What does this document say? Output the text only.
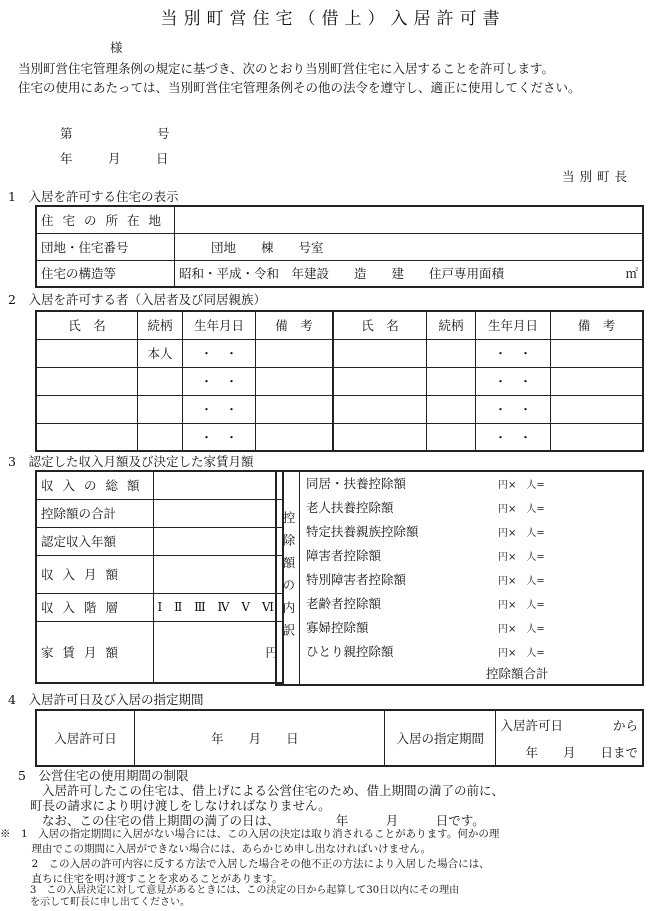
当別町営住宅（借上）入居許可書
様
当別町営住宅管理条例の規定に基づき、次のとおり当別町営住宅に入居することを許可します。
住宅の使用にあたっては、当別町営住宅管理条例その他の法令を遵守し、適正に使用してください。
第	号
年	月	日
当別町長
1　入居を許可する住宅の表示
住宅の所在地	
団地・住宅番号	団地　　棟　　号室
住宅の構造等	昭和・平成・令和　年建設　　造　　建　　住戸専用面積 ㎡
2　入居を許可する者（入居者及び同居親族）
氏　名	続柄	生年月日	備　考	氏　名	続柄	生年月日	備　考
	本人	・　・				・　・	
		・　・				・　・	
		・　・				・　・	
		・　・				・　・	
3　認定した収入月額及び決定した家賃月額
収入の総額	
控除額の合計	
認定収入年額	
収入月額	
収入階層	Ⅰ Ⅱ Ⅲ Ⅳ Ⅴ Ⅵ
家賃月額	円
控除額の内訳

同居・扶養控除額	円×　人=
老人扶養控除額	円×　人=
特定扶養親族控除額	円×　人=
障害者控除額	円×　人=
特別障害者控除額	円×　人=
老齢者控除額	円×　人=
寡婦控除額	円×　人=
ひとり親控除額	円×　人=
控除額合計
4　入居許可日及び入居の指定期間
入居許可日	年　　月　　日	入居の指定期間	入居許可日　　　　から
年　　月　　日まで
5　公営住宅の使用期間の制限
入居許可したこの住宅は、借上げによる公営住宅のため、借上期間の満了の前に、
町長の請求により明け渡しをしなければなりません。
なお、この住宅の借上期間の満了の日は、　　　　　年　　　月　　　日です。
※　1　入居の指定期間に入居がない場合には、この入居の決定は取り消されることがあります。何かの理
　　　理由でこの期間に入居ができない場合には、あらかじめ申し出なければいけません。
　　　2　この入居の許可内容に反する方法で入居した場合その他不正の方法により入居した場合には、
　　　直ちに住宅を明け渡すことを求めることがあります。
　　　3　この入居決定に対して意見があるときには、この決定の日から起算して30日以内にその理由
　　　を示して町長に申し出てください。
